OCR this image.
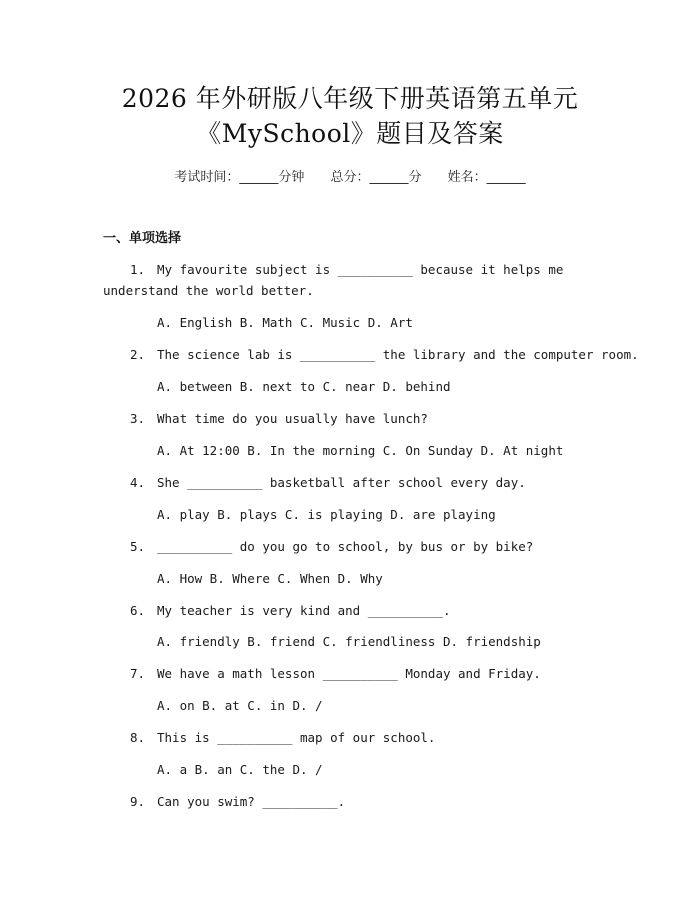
2026 年外研版八年级下册英语第五单元
《MySchool》题目及答案
考试时间：______分钟 总分：______分 姓名：______
一、单项选择
1. My favourite subject is __________ because it helps me
understand the world better.
A. English B. Math C. Music D. Art
2. The science lab is __________ the library and the computer room.
A. between B. next to C. near D. behind
3. What time do you usually have lunch?
A. At 12:00 B. In the morning C. On Sunday D. At night
4. She __________ basketball after school every day.
A. play B. plays C. is playing D. are playing
5. __________ do you go to school, by bus or by bike?
A. How B. Where C. When D. Why
6. My teacher is very kind and __________.
A. friendly B. friend C. friendliness D. friendship
7. We have a math lesson __________ Monday and Friday.
A. on B. at C. in D. /
8. This is __________ map of our school.
A. a B. an C. the D. /
9. Can you swim? __________.
